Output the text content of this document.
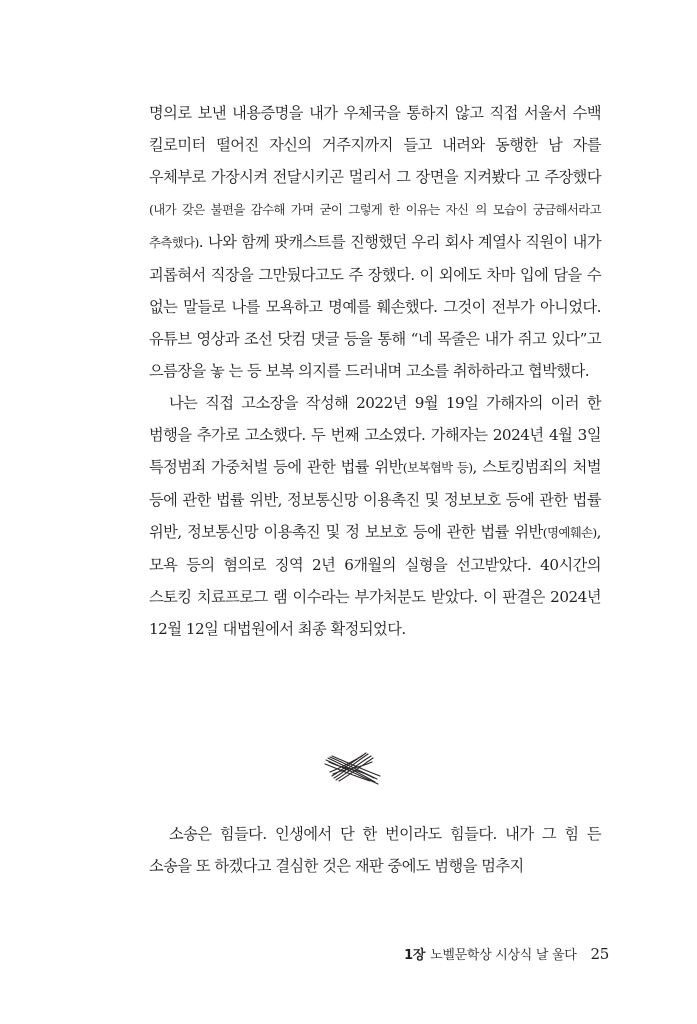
명의로 보낸 내용증명을 내가 우체국을 통하지 않고 직접 서울서 수백 킬로미터 떨어진 자신의 거주지까지 들고 내려와 동행한 남 자를 우체부로 가장시켜 전달시키곤 멀리서 그 장면을 지켜봤다 고 주장했다(내가 갖은 불편을 감수해 가며 굳이 그렇게 한 이유는 자신 의 모습이 궁금해서라고 추측했다). 나와 함께 팟캐스트를 진행했던 우리 회사 계열사 직원이 내가 괴롭혀서 직장을 그만뒀다고도 주 장했다. 이 외에도 차마 입에 담을 수 없는 말들로 나를 모욕하고 명예를 훼손했다. 그것이 전부가 아니었다. 유튜브 영상과 조선 닷컴 댓글 등을 통해 “네 목줄은 내가 쥐고 있다”고 으름장을 놓 는 등 보복 의지를 드러내며 고소를 취하하라고 협박했다.

나는 직접 고소장을 작성해 2022년 9월 19일 가해자의 이러 한 범행을 추가로 고소했다. 두 번째 고소였다. 가해자는 2024년 4월 3일 특정범죄 가중처벌 등에 관한 법률 위반(보복협박 등), 스토킹범죄의 처벌 등에 관한 법률 위반, 정보통신망 이용촉진 및 정보보호 등에 관한 법률 위반, 정보통신망 이용촉진 및 정 보보호 등에 관한 법률 위반(명예훼손), 모욕 등의 혐의로 징역 2년 6개월의 실형을 선고받았다. 40시간의 스토킹 치료프로그 램 이수라는 부가처분도 받았다. 이 판결은 2024년 12월 12일 대법원에서 최종 확정되었다.

소송은 힘들다. 인생에서 단 한 번이라도 힘들다. 내가 그 힘 든 소송을 또 하겠다고 결심한 것은 재판 중에도 범행을 멈추지

1장 노벨문학상 시상식 날 울다 25
